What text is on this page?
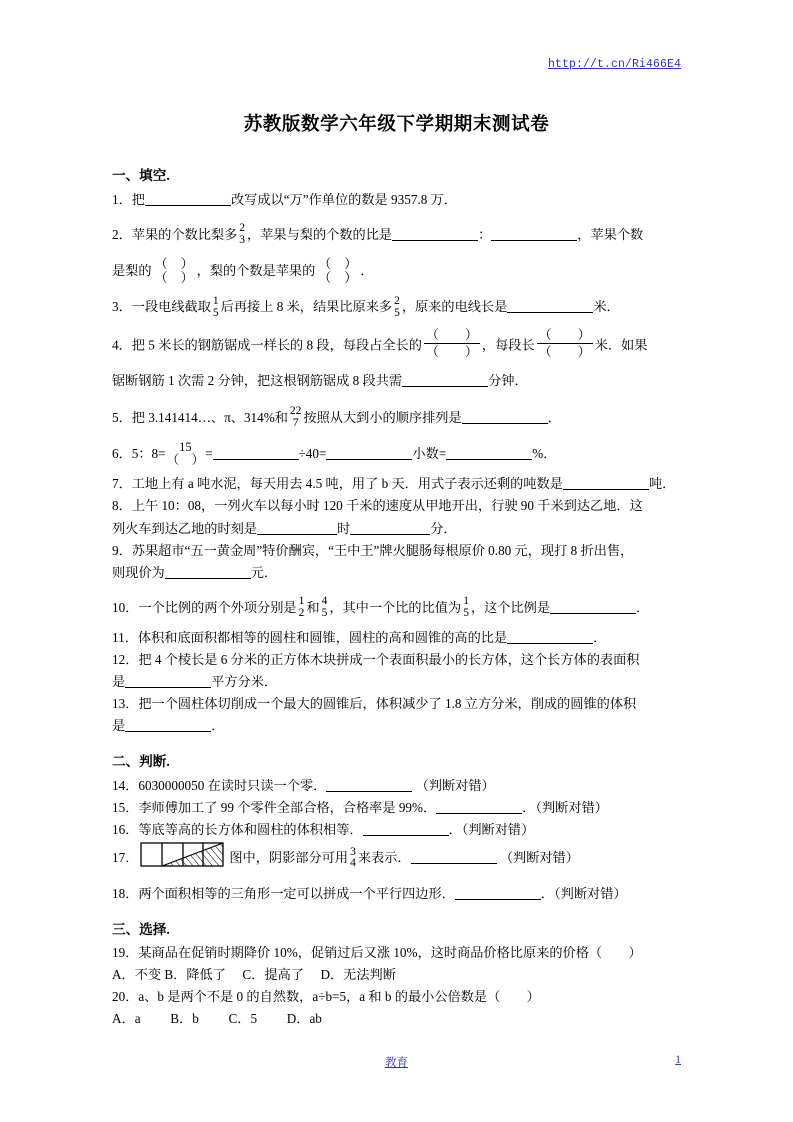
http://t.cn/Ri466E4
苏教版数学六年级下学期期末测试卷
一、填空.
1．把	改写成以“万”作单位的数是 9357.8 万．
2．苹果的个数比梨多 2
3 ，苹果与梨的个数的比是	：	，苹果个数
是梨的 （　）
（　） ，梨的个数是苹果的 （　）
（　） ．
3．一段电线截取 1
5 后再接上 8 米，结果比原来多 2
5 ，原来的电线长是	米．
4．把 5 米长的钢筋锯成一样长的 8 段，每段占全长的 $\frac{( )}{( )}$ ，每段长 $\frac{( )}{( )}$ 米．如果
锯断钢筋 1 次需 2 分钟，把这根钢筋锯成 8 段共需	分钟．
5．把 3.141414…、π、314%和 22
7 按照从大到小的顺序排列是	．
6．5：8=	15
（　） =	÷40=	小数=	%．
7．工地上有 a 吨水泥，每天用去 4.5 吨，用了 b 天．用式子表示还剩的吨数是	吨．
8．上午 10：08，一列火车以每小时 120 千米的速度从甲地开出，行驶 90 千米到达乙地．这
列火车到达乙地的时刻是	时	分．
9．苏果超市“五一黄金周”特价酬宾，“王中王”牌火腿肠每根原价 0.80 元，现打 8 折出售，
则现价为	元．
10．一个比例的两个外项分别是 1
2 和 4
5 ，其中一个比的比值为 1
5 ，这个比例是	．
11．体积和底面积都相等的圆柱和圆锥，圆柱的高和圆锥的高的比是	．
12．把 4 个棱长是 6 分米的正方体木块拼成一个表面积最小的长方体，这个长方体的表面积
是	平方分米．
13．把一个圆柱体切削成一个最大的圆锥后，体积减少了 1.8 立方分米，削成的圆锥的体积
是	．
二、判断.
14．6030000050 在读时只读一个零．	（判断对错）
15．李师傅加工了 99 个零件全部合格，合格率是 99%．	．（判断对错）
16．等底等高的长方体和圆柱的体积相等．	．（判断对错）
17．	图中，阴影部分可用 3
4 来表示．	（判断对错）
18．两个面积相等的三角形一定可以拼成一个平行四边形．	．（判断对错）
三、选择.
19．某商品在促销时期降价 10%，促销过后又涨 10%，这时商品价格比原来的价格（　　）
A．不变 B．降低了　 C．提高了　 D．无法判断
20．a、b 是两个不是 0 的自然数，a÷b=5，a 和 b 的最小公倍数是（　　）
A．a　　 B．b　　 C．5　　 D．ab
教育	1
